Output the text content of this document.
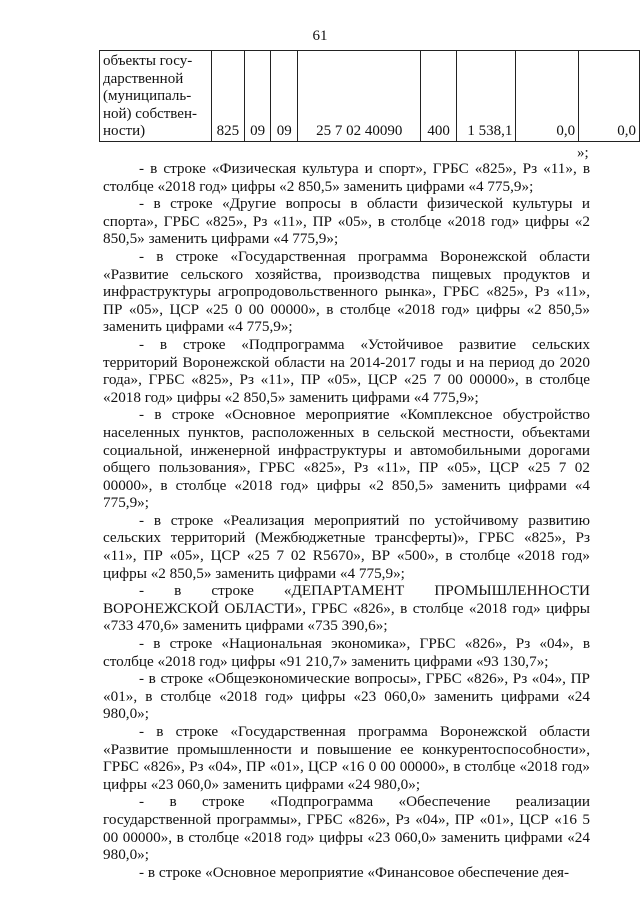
61
объекты госу-
дарственной
(муниципаль-
ной) собствен-
ности)	825	09	09	25 7 02 40090	400	1 538,1	0,0	0,0
»;

- в строке «Физическая культура и спорт», ГРБС «825», Рз «11», в столбце «2018 год» цифры «2 850,5» заменить цифрами «4 775,9»;

- в строке «Другие вопросы в области физической культуры и спорта», ГРБС «825», Рз «11», ПР «05», в столбце «2018 год» цифры «2 850,5» заменить цифрами «4 775,9»;

- в строке «Государственная программа Воронежской области «Развитие сельского хозяйства, производства пищевых продуктов и инфраструктуры агропродовольственного рынка», ГРБС «825», Рз «11», ПР «05», ЦСР «25 0 00 00000», в столбце «2018 год» цифры «2 850,5» заменить цифрами «4 775,9»;

- в строке «Подпрограмма «Устойчивое развитие сельских территорий Воронежской области на 2014-2017 годы и на период до 2020 года», ГРБС «825», Рз «11», ПР «05», ЦСР «25 7 00 00000», в столбце «2018 год» цифры «2 850,5» заменить цифрами «4 775,9»;

- в строке «Основное мероприятие «Комплексное обустройство населенных пунктов, расположенных в сельской местности, объектами социальной, инженерной инфраструктуры и автомобильными дорогами общего пользования», ГРБС «825», Рз «11», ПР «05», ЦСР «25 7 02 00000», в столбце «2018 год» цифры «2 850,5» заменить цифрами «4 775,9»;

- в строке «Реализация мероприятий по устойчивому развитию сельских территорий (Межбюджетные трансферты)», ГРБС «825», Рз «11», ПР «05», ЦСР «25 7 02 R5670», ВР «500», в столбце «2018 год» цифры «2 850,5» заменить цифрами «4 775,9»;

- в строке «ДЕПАРТАМЕНТ ПРОМЫШЛЕННОСТИ ВОРОНЕЖСКОЙ ОБЛАСТИ», ГРБС «826», в столбце «2018 год» цифры «733 470,6» заменить цифрами «735 390,6»;

- в строке «Национальная экономика», ГРБС «826», Рз «04», в столбце «2018 год» цифры «91 210,7» заменить цифрами «93 130,7»;

- в строке «Общеэкономические вопросы», ГРБС «826», Рз «04», ПР «01», в столбце «2018 год» цифры «23 060,0» заменить цифрами «24 980,0»;

- в строке «Государственная программа Воронежской области «Развитие промышленности и повышение ее конкурентоспособности», ГРБС «826», Рз «04», ПР «01», ЦСР «16 0 00 00000», в столбце «2018 год» цифры «23 060,0» заменить цифрами «24 980,0»;

- в строке «Подпрограмма «Обеспечение реализации государственной программы», ГРБС «826», Рз «04», ПР «01», ЦСР «16 5 00 00000», в столбце «2018 год» цифры «23 060,0» заменить цифрами «24 980,0»;

- в строке «Основное мероприятие «Финансовое обеспечение дея-
